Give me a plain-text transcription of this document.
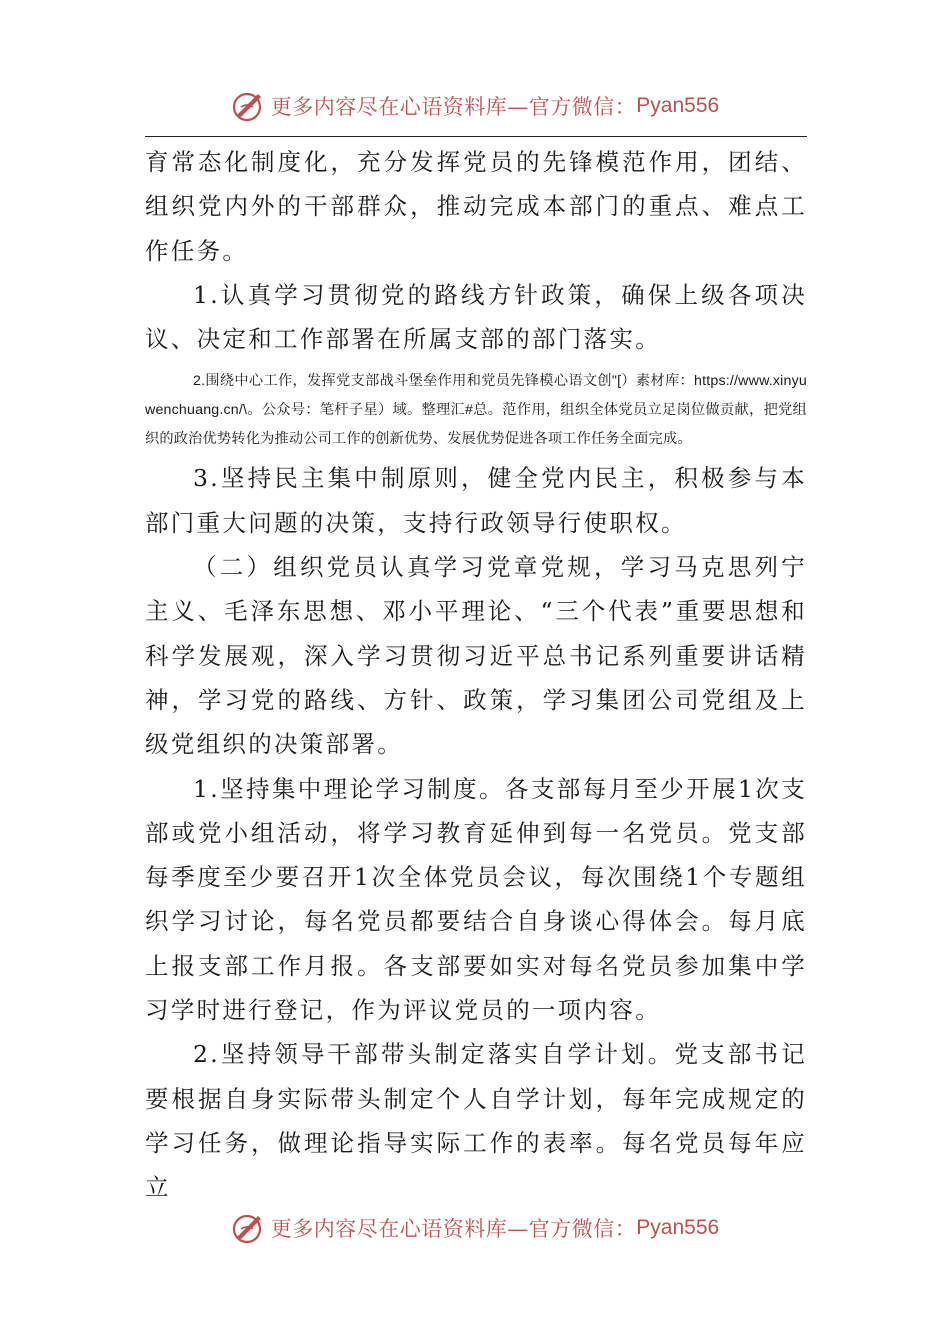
更多内容尽在心语资料库—官方微信： Pyan556

育常态化制度化，充分发挥党员的先锋模范作用，团结、组织党内外的干部群众，推动完成本部门的重点、难点工作任务。

1.认真学习贯彻党的路线方针政策，确保上级各项决议、决定和工作部署在所属支部的部门落实。

2.围绕中心工作，发挥党支部战斗堡垒作用和党员先锋模心语文创"[）素材库：https://www.xinyuwenchuang.cn/\。公众号：笔杆子星）域。整理汇#总。范作用，组织全体党员立足岗位做贡献，把党组织的政治优势转化为推动公司工作的创新优势、发展优势促进各项工作任务全面完成。

3.坚持民主集中制原则，健全党内民主，积极参与本部门重大问题的决策，支持行政领导行使职权。

（二）组织党员认真学习党章党规，学习马克思列宁主义、毛泽东思想、邓小平理论、“三个代表”重要思想和科学发展观，深入学习贯彻习近平总书记系列重要讲话精神，学习党的路线、方针、政策，学习集团公司党组及上级党组织的决策部署。

1.坚持集中理论学习制度。各支部每月至少开展1次支部或党小组活动，将学习教育延伸到每一名党员。党支部每季度至少要召开1次全体党员会议，每次围绕1个专题组织学习讨论，每名党员都要结合自身谈心得体会。每月底上报支部工作月报。各支部要如实对每名党员参加集中学习学时进行登记，作为评议党员的一项内容。

2.坚持领导干部带头制定落实自学计划。党支部书记要根据自身实际带头制定个人自学计划，每年完成规定的学习任务，做理论指导实际工作的表率。每名党员每年应立

更多内容尽在心语资料库—官方微信： Pyan556
